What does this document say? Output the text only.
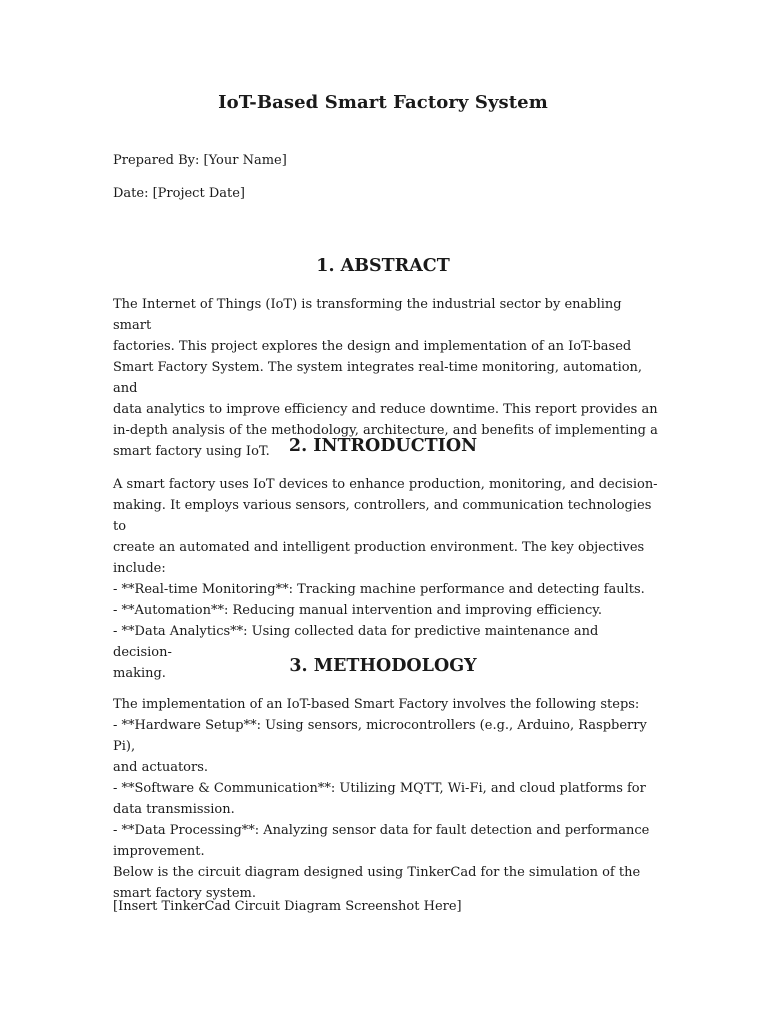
IoT-Based Smart Factory System

Prepared By: [Your Name]

Date: [Project Date]

1. ABSTRACT

The Internet of Things (IoT) is transforming the industrial sector by enabling smart
factories. This project explores the design and implementation of an IoT-based
Smart Factory System. The system integrates real-time monitoring, automation, and
data analytics to improve efficiency and reduce downtime. This report provides an
in-depth analysis of the methodology, architecture, and benefits of implementing a
smart factory using IoT.	2. INTRODUCTION

A smart factory uses IoT devices to enhance production, monitoring, and decision-
making. It employs various sensors, controllers, and communication technologies to
create an automated and intelligent production environment. The key objectives
include:
- **Real-time Monitoring**: Tracking machine performance and detecting faults.
- **Automation**: Reducing manual intervention and improving efficiency.
- **Data Analytics**: Using collected data for predictive maintenance and decision-
making.	3. METHODOLOGY

The implementation of an IoT-based Smart Factory involves the following steps:
- **Hardware Setup**: Using sensors, microcontrollers (e.g., Arduino, Raspberry Pi),
and actuators.
- **Software & Communication**: Utilizing MQTT, Wi-Fi, and cloud platforms for
data transmission.
- **Data Processing**: Analyzing sensor data for fault detection and performance
improvement.
Below is the circuit diagram designed using TinkerCad for the simulation of the
smart factory system.

[Insert TinkerCad Circuit Diagram Screenshot Here]
